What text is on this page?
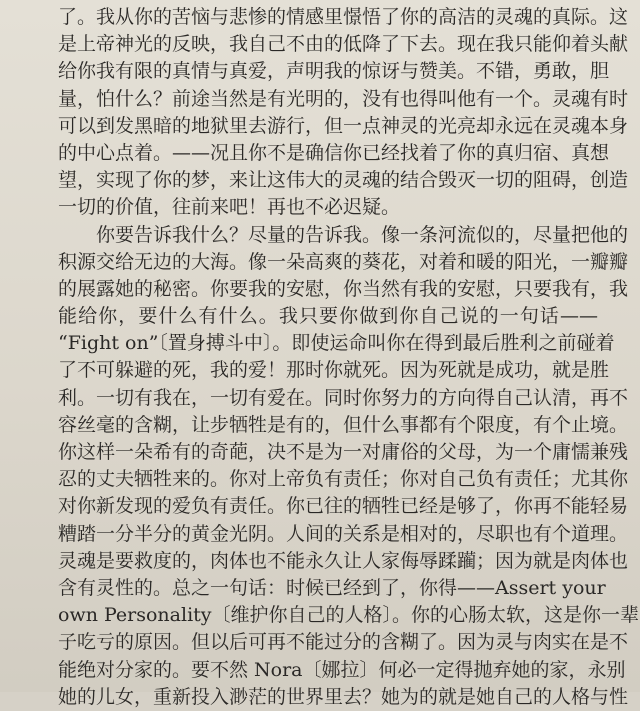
了。我从你的苦恼与悲惨的情感里憬悟了你的高洁的灵魂的真际。这
是上帝神光的反映，我自己不由的低降了下去。现在我只能仰着头献
给你我有限的真情与真爱，声明我的惊讶与赞美。不错，勇敢，胆
量，怕什么？前途当然是有光明的，没有也得叫他有一个。灵魂有时
可以到发黑暗的地狱里去游行，但一点神灵的光亮却永远在灵魂本身
的中心点着。——况且你不是确信你已经找着了你的真归宿、真想
望，实现了你的梦，来让这伟大的灵魂的结合毁灭一切的阻碍，创造
一切的价值，往前来吧！再也不必迟疑。
你要告诉我什么？尽量的告诉我。像一条河流似的，尽量把他的
积源交给无边的大海。像一朵高爽的葵花，对着和暖的阳光，一瓣瓣
的展露她的秘密。你要我的安慰，你当然有我的安慰，只要我有，我
能给你，要什么有什么。我只要你做到你自己说的一句话——
“Fight on”〔置身搏斗中〕。即使运命叫你在得到最后胜利之前碰着
了不可躲避的死，我的爱！那时你就死。因为死就是成功，就是胜
利。一切有我在，一切有爱在。同时你努力的方向得自己认清，再不
容丝毫的含糊，让步牺牲是有的，但什么事都有个限度，有个止境。
你这样一朵希有的奇葩，决不是为一对庸俗的父母，为一个庸懦兼残
忍的丈夫牺牲来的。你对上帝负有责任；你对自己负有责任；尤其你
对你新发现的爱负有责任。你已往的牺牲已经是够了，你再不能轻易
糟踏一分半分的黄金光阴。人间的关系是相对的，尽职也有个道理。
灵魂是要救度的，肉体也不能永久让人家侮辱蹂躏；因为就是肉体也
含有灵性的。总之一句话：时候已经到了，你得——Assert your
own Personality〔维护你自己的人格〕。你的心肠太软，这是你一辈
子吃亏的原因。但以后可再不能过分的含糊了。因为灵与肉实在是不
能绝对分家的。要不然 Nora〔娜拉〕何必一定得抛弃她的家，永别
她的儿女，重新投入渺茫的世界里去？她为的就是她自己的人格与性
